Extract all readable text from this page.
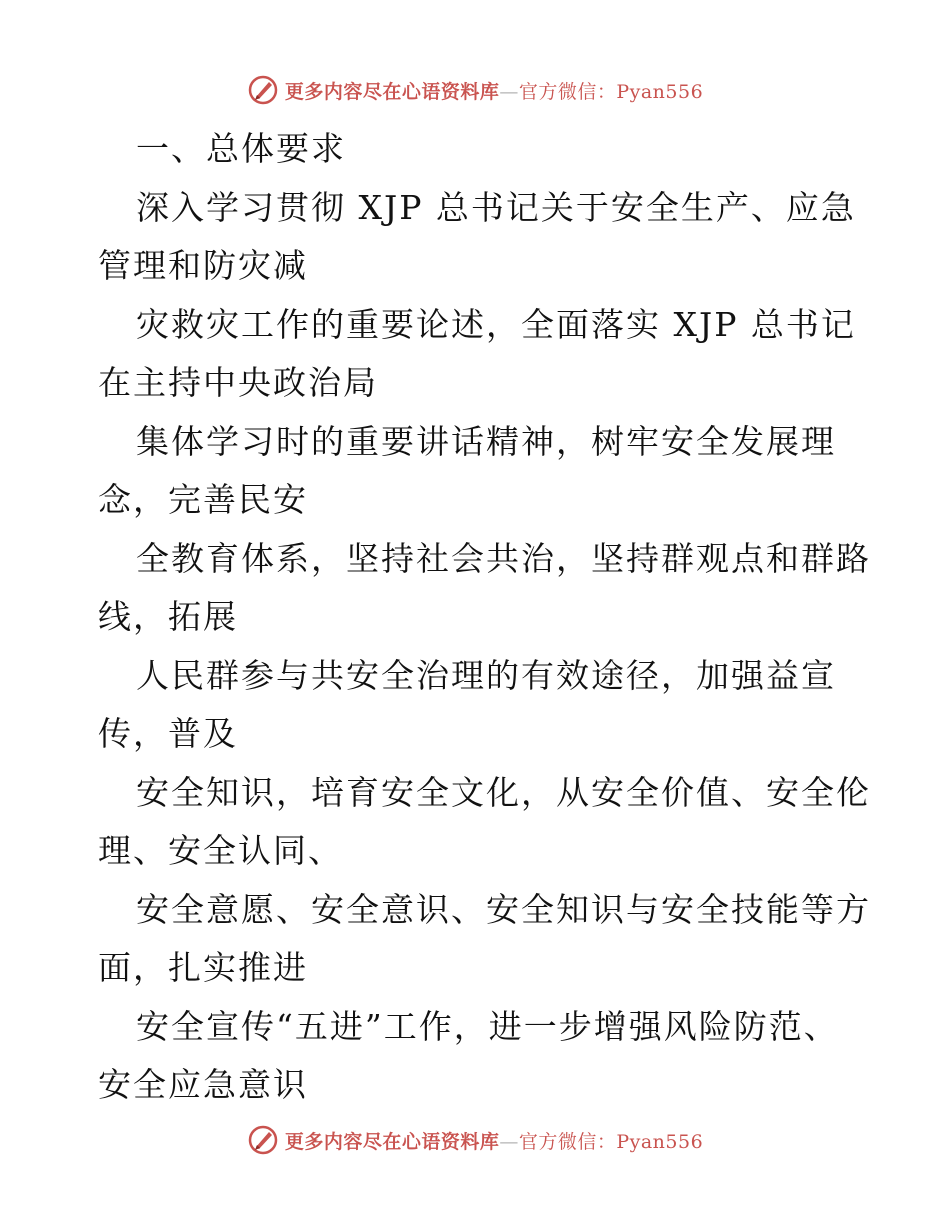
更多内容尽在心语资料库—官方微信：Pyan556
一、总体要求
深入学习贯彻 XJP 总书记关于安全生产、应急
管理和防灾减
灾救灾工作的重要论述，全面落实 XJP 总书记
在主持中央政治局
集体学习时的重要讲话精神，树牢安全发展理
念，完善民安
全教育体系，坚持社会共治，坚持群观点和群路
线，拓展
人民群参与共安全治理的有效途径，加强益宣
传，普及
安全知识，培育安全文化，从安全价值、安全伦
理、安全认同、
安全意愿、安全意识、安全知识与安全技能等方
面，扎实推进
安全宣传“五进”工作，进一步增强风险防范、
安全应急意识
更多内容尽在心语资料库—官方微信：Pyan556
